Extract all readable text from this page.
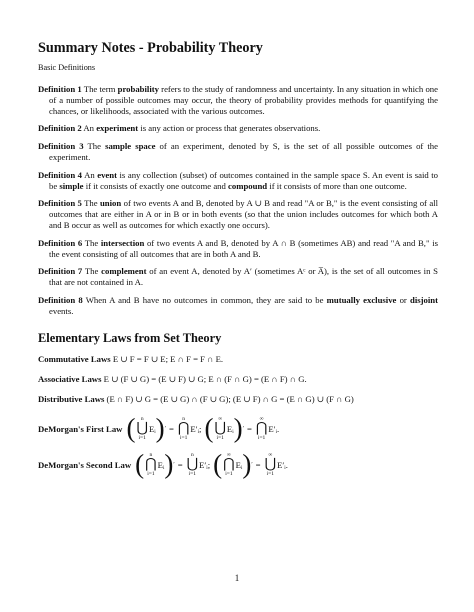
Summary Notes - Probability Theory
Basic Definitions

Definition 1 The term probability refers to the study of randomness and uncertainty. In any situation in which one of a number of possible outcomes may occur, the theory of probability provides methods for quantifying the chances, or likelihoods, associated with the various outcomes.

Definition 2 An experiment is any action or process that generates observations.

Definition 3 The sample space of an experiment, denoted by S, is the set of all possible outcomes of the experiment.

Definition 4 An event is any collection (subset) of outcomes contained in the sample space S. An event is said to be simple if it consists of exactly one outcome and compound if it consists of more than one outcome.

Definition 5 The union of two events A and B, denoted by A ∪ B and read "A or B," is the event consisting of all outcomes that are either in A or in B or in both events (so that the union includes outcomes for which both A and B occur as well as outcomes for which exactly one occurs).

Definition 6 The intersection of two events A and B, denoted by A ∩ B (sometimes AB) and read "A and B," is the event consisting of all outcomes that are in both A and B.

Definition 7 The complement of an event A, denoted by A′ (sometimes Aᶜ or A̅), is the set of all outcomes in S that are not contained in A.

Definition 8 When A and B have no outcomes in common, they are said to be mutually exclusive or disjoint events.

Elementary Laws from Set Theory
Commutative Laws E ∪ F = F ∪ E; E ∩ F = F ∩ E.
Associative Laws E ∪ (F ∪ G) = (E ∪ F) ∪ G; E ∩ (F ∩ G) = (E ∩ F) ∩ G.
Distributive Laws (E ∩ F) ∪ G = (E ∪ G) ∩ (F ∪ G); (E ∪ F) ∩ G = (E ∩ G) ∪ (F ∩ G)
DeMorgan's First Law ( n
⋃
i=1
Eᵢ ) ′ =
n
⋂
i=1
E′ᵢ ; ( ∞
⋃
i=1
Eᵢ ) ′ =
∞
⋂
i=1
E′ᵢ .
DeMorgan's Second Law ( n
⋂
i=1
Eᵢ ) ′ =
n
⋃
i=1
E′ᵢ ; ( ∞
⋂
i=1
Eᵢ ) ′ =
∞
⋃
i=1
E′ᵢ .
1
